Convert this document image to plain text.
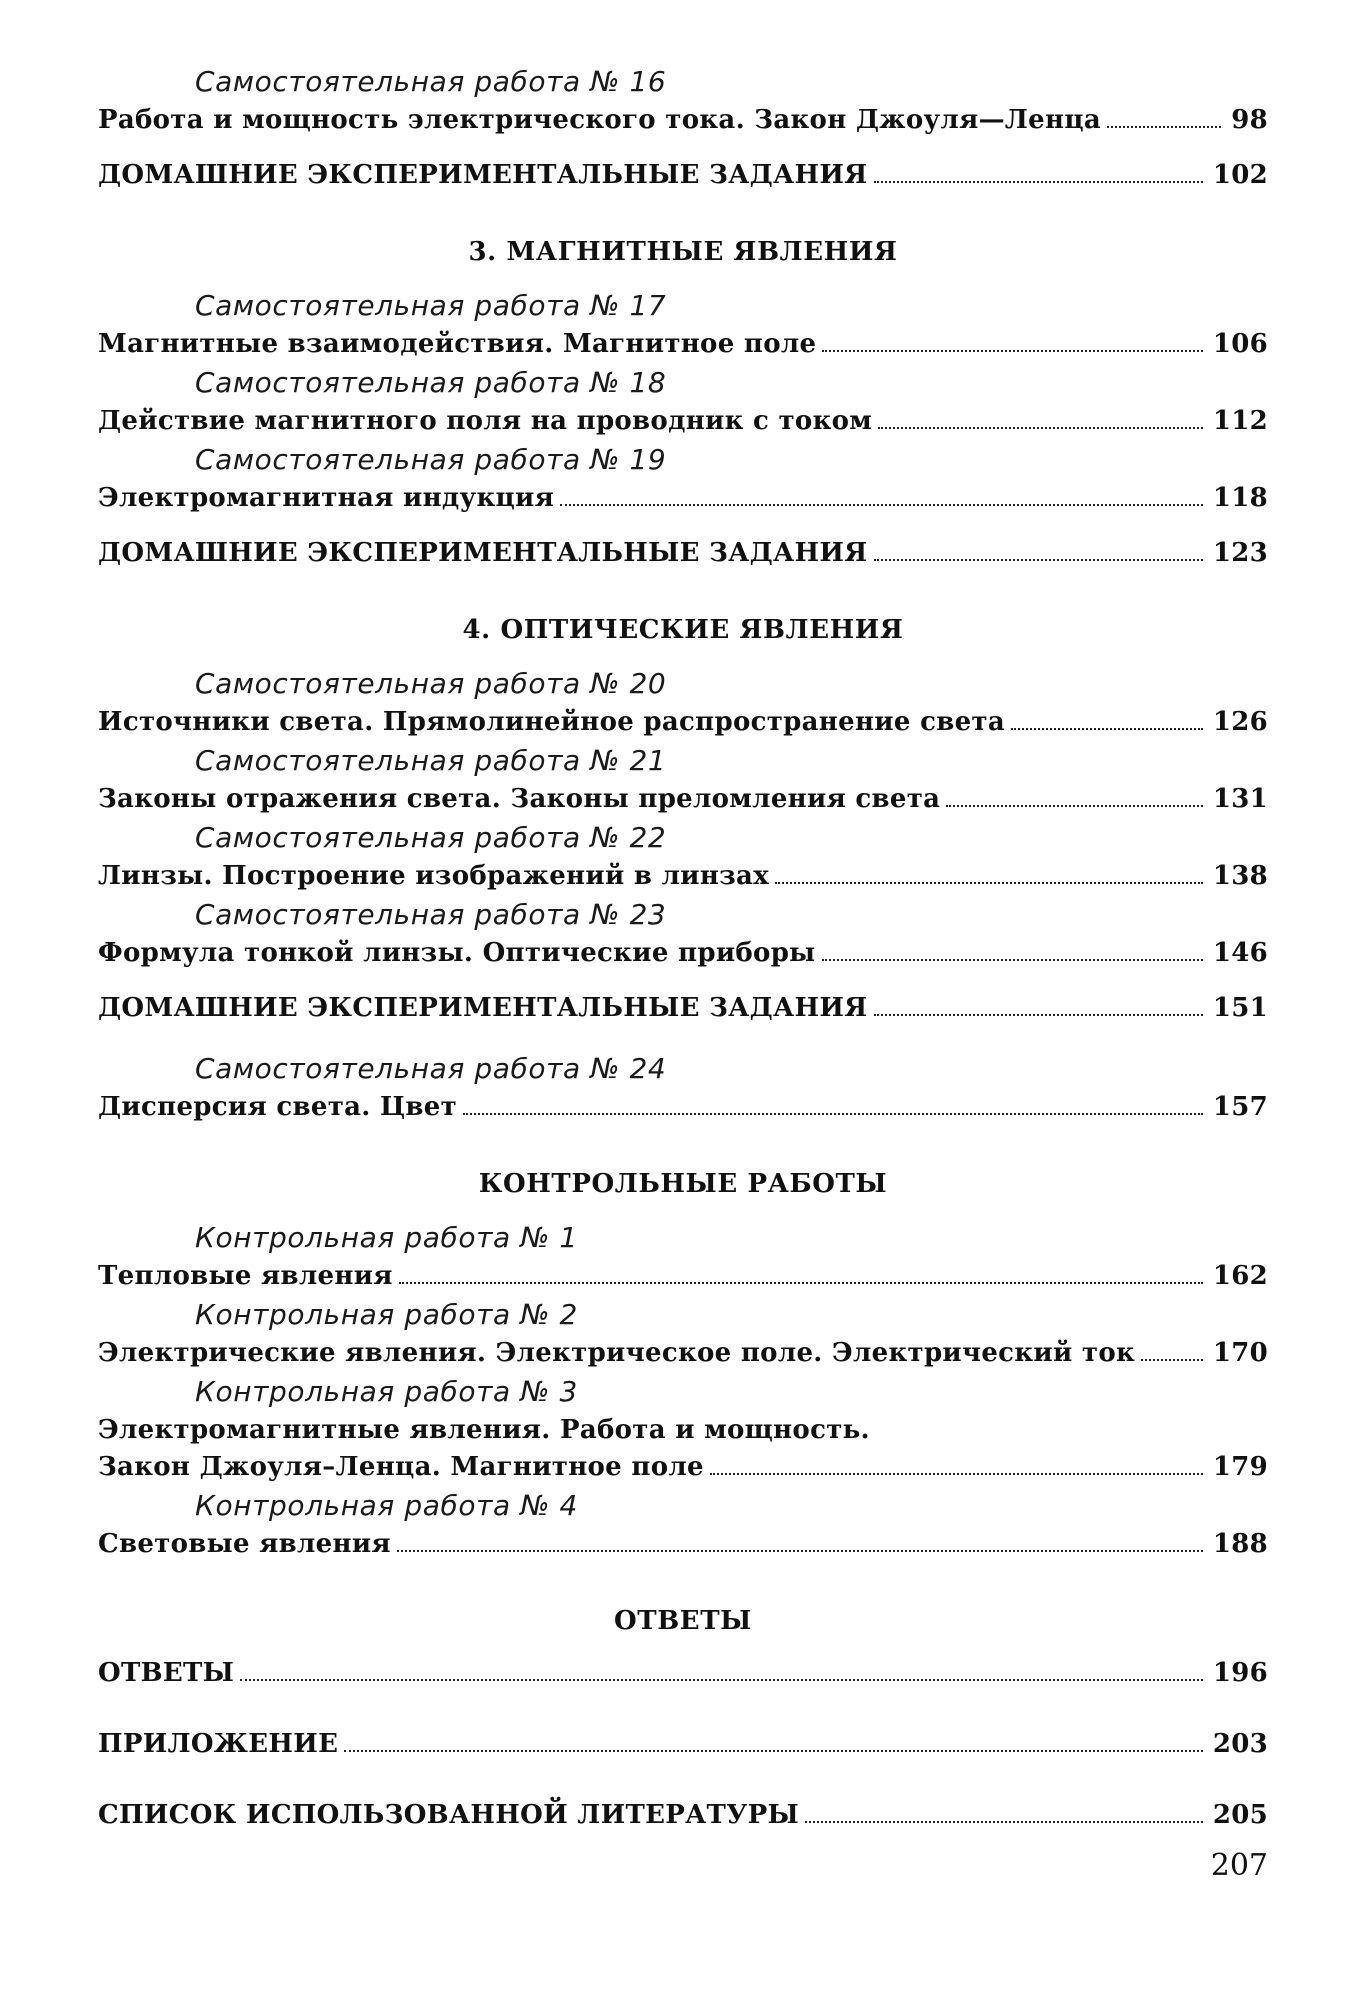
Самостоятельная работа № 16
Работа и мощность электрического тока. Закон Джоуля—Ленца	98
ДОМАШНИЕ ЭКСПЕРИМЕНТАЛЬНЫЕ ЗАДАНИЯ	102
3. МАГНИТНЫЕ ЯВЛЕНИЯ
Самостоятельная работа № 17
Магнитные взаимодействия. Магнитное поле	106
Самостоятельная работа № 18
Действие магнитного поля на проводник с током	112
Самостоятельная работа № 19
Электромагнитная индукция	118
ДОМАШНИЕ ЭКСПЕРИМЕНТАЛЬНЫЕ ЗАДАНИЯ	123
4. ОПТИЧЕСКИЕ ЯВЛЕНИЯ
Самостоятельная работа № 20
Источники света. Прямолинейное распространение света	126
Самостоятельная работа № 21
Законы отражения света. Законы преломления света	131
Самостоятельная работа № 22
Линзы. Построение изображений в линзах	138
Самостоятельная работа № 23
Формула тонкой линзы. Оптические приборы	146
ДОМАШНИЕ ЭКСПЕРИМЕНТАЛЬНЫЕ ЗАДАНИЯ	151
Самостоятельная работа № 24
Дисперсия света. Цвет	157
КОНТРОЛЬНЫЕ РАБОТЫ
Контрольная работа № 1
Тепловые явления	162
Контрольная работа № 2
Электрические явления. Электрическое поле. Электрический ток	170
Контрольная работа № 3
Электромагнитные явления. Работа и мощность.
Закон Джоуля–Ленца. Магнитное поле	179
Контрольная работа № 4
Световые явления	188
ОТВЕТЫ
ОТВЕТЫ	196
ПРИЛОЖЕНИЕ	203
СПИСОК ИСПОЛЬЗОВАННОЙ ЛИТЕРАТУРЫ	205
207
